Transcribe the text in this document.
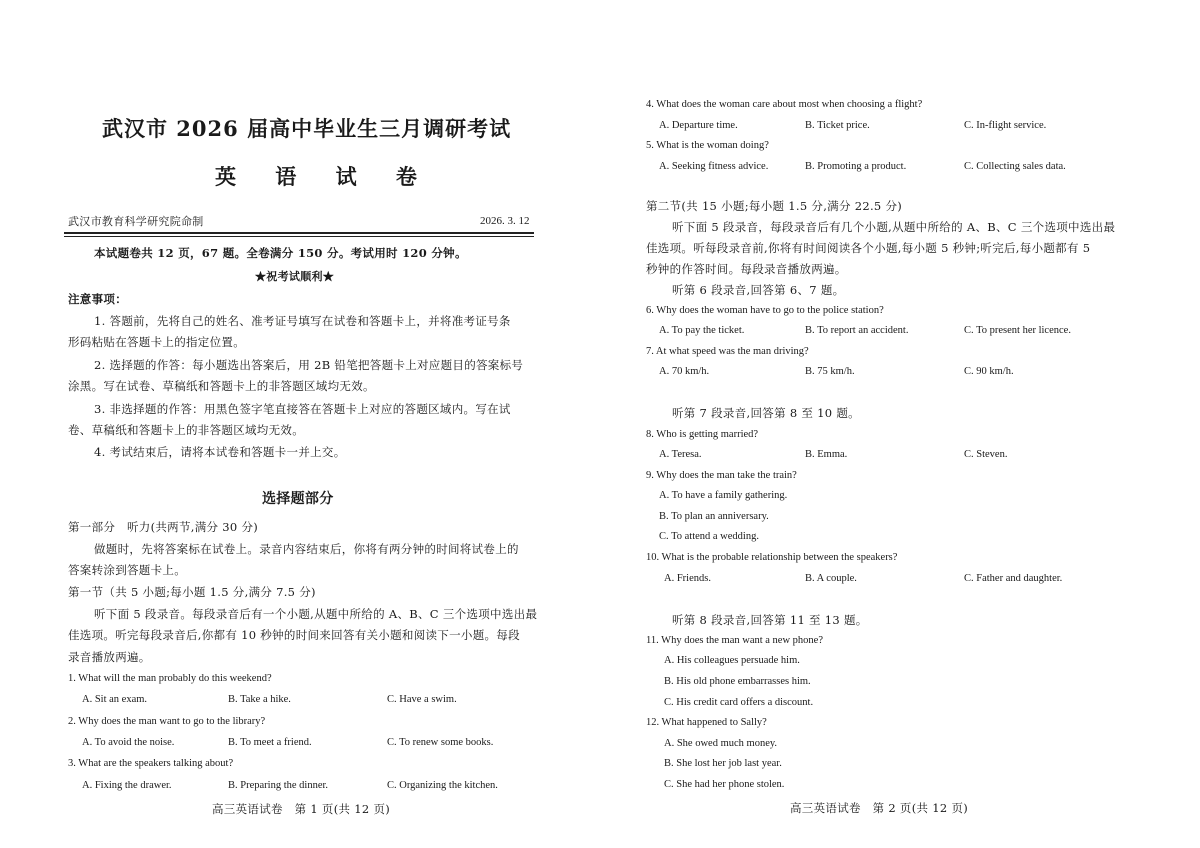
武汉市 2026 届高中毕业生三月调研考试
英 语 试 卷
武汉市教育科学研究院命制	2026. 3. 12
本试题卷共 12 页，67 题。全卷满分 150 分。考试用时 120 分钟。
★祝考试顺利★
注意事项：
1. 答题前，先将自己的姓名、准考证号填写在试卷和答题卡上，并将准考证号条
形码粘贴在答题卡上的指定位置。
2. 选择题的作答：每小题选出答案后，用 2B 铅笔把答题卡上对应题目的答案标号
涂黑。写在试卷、草稿纸和答题卡上的非答题区域均无效。
3. 非选择题的作答：用黑色签字笔直接答在答题卡上对应的答题区域内。写在试
卷、草稿纸和答题卡上的非答题区域均无效。
4. 考试结束后，请将本试卷和答题卡一并上交。
选择题部分
第一部分　听力(共两节,满分 30 分)
做题时，先将答案标在试卷上。录音内容结束后，你将有两分钟的时间将试卷上的
答案转涂到答题卡上。
第一节（共 5 小题;每小题 1.5 分,满分 7.5 分)
听下面 5 段录音。每段录音后有一个小题,从题中所给的 A、B、C 三个选项中选出最
佳选项。听完每段录音后,你都有 10 秒钟的时间来回答有关小题和阅读下一小题。每段
录音播放两遍。
1. What will the man probably do this weekend?
A. Sit an exam.	B. Take a hike.	C. Have a swim.
2. Why does the man want to go to the library?
A. To avoid the noise.	B. To meet a friend.	C. To renew some books.
3. What are the speakers talking about?
A. Fixing the drawer.	B. Preparing the dinner.	C. Organizing the kitchen.
高三英语试卷　第 1 页(共 12 页)
4. What does the woman care about most when choosing a flight?
A. Departure time.	B. Ticket price.	C. In-flight service.
5. What is the woman doing?
A. Seeking fitness advice.	B. Promoting a product.	C. Collecting sales data.
第二节(共 15 小题;每小题 1.5 分,满分 22.5 分)
听下面 5 段录音，每段录音后有几个小题,从题中所给的 A、B、C 三个选项中选出最
佳选项。听每段录音前,你将有时间阅读各个小题,每小题 5 秒钟;听完后,每小题都有 5
秒钟的作答时间。每段录音播放两遍。
听第 6 段录音,回答第 6、7 题。
6. Why does the woman have to go to the police station?
A. To pay the ticket.	B. To report an accident.	C. To present her licence.
7. At what speed was the man driving?
A. 70 km/h.	B. 75 km/h.	C. 90 km/h.
听第 7 段录音,回答第 8 至 10 题。
8. Who is getting married?
A. Teresa.	B. Emma.	C. Steven.
9. Why does the man take the train?
A. To have a family gathering.
B. To plan an anniversary.
C. To attend a wedding.
10. What is the probable relationship between the speakers?
A. Friends.	B. A couple.	C. Father and daughter.
听第 8 段录音,回答第 11 至 13 题。
11. Why does the man want a new phone?
A. His colleagues persuade him.
B. His old phone embarrasses him.
C. His credit card offers a discount.
12. What happened to Sally?
A. She owed much money.
B. She lost her job last year.
C. She had her phone stolen.
高三英语试卷　第 2 页(共 12 页)
